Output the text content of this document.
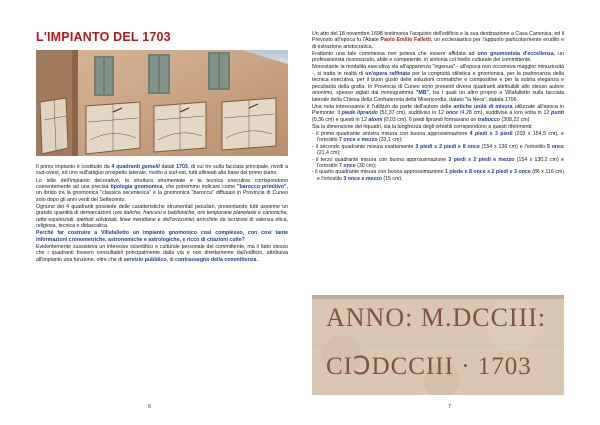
L'IMPIANTO DEL 1703

Il primo impianto è costituito da 4 quadranti gemelli datati 1703, di cui tre sulla facciata principale, rivolti a sud-ovest, ed uno sull'attiguo prospetto laterale, rivolto a sud-est, tutti allineati alla base del primo piano.

Lo stile dell'impianto decorativo, la struttura strumentale e la tecnica esecutiva corrispondono coerentemente ad una precisa tipologia gnomonica, che potremmo indicare come "barocco primitivo", un ibrido tra la gnomonica "classica secentesca" e la gnomonica "barocca" diffusasi in Provincia di Cuneo solo dopo gli anni venti del Settecento.

Ognuno dei 4 quadranti possiede delle caratteristiche strumentali peculiari, presentando tutti assieme un grande quantità di demarcazioni (ore italiche, francesi e babiloniche, ore temporarie planetarie e canoniche, rette equinoziali, iperboli solstiziali, linee meridiane e dell'orizzonte) arricchite da iscrizioni di valenza etica, religiosa, tecnica e didascalica.

Perché far costruire a Villafalletto un impianto gnomonico così complesso, con così tante informazioni cronometriche, astronomiche e astrologiche, e ricco di citazioni colte?

Evidentemente sussisteva un interesse scientifico e culturale personale del committente, ma il fatto stesso che i quadranti fossero consultabili principalmente dalla via e non direttamente dall'edificio, attribuiva all'impianto una funzione, oltre che di servizio pubblico, di contrassegno della committenza.

6

Un atto del 18 novembre 1698 testimonia l'acquisto dell'edificio e la sua destinazione a Casa Canonica, ed il Prevosto all'epoca fu l'Abate Paolo Emilio Falletti, un ecclesiastico per l'appunto particolarmente erudito e di estrazione aristocratica.

Frattanto una tale commessa non poteva che essere affidata ad uno gnomonista d'eccellenza, un professionista riconosciuto, abile e competente, in sintonia col livello culturale del committente.

Nonostante la modalità esecutiva sia all'apparenza "ingenua" - all'epoca non occorreva maggior minuziosità -, si tratta in realtà di un'opera raffinata per la congruità stilistica e gnomonica, per la padronanza della tecnica esecutiva, per il buon gusto delle soluzioni cromatiche e compositive e per la sobria eleganza e peculiarità della grafia. In Provincia di Cuneo sono presenti diversi quadranti attribuibili allo stesso autore anonimo, spesso siglati dal monogramma "MB", tra i quali un altro proprio a Villafalletto sulla facciata laterale della Chiesa della Confraternita della Misericordia, datato "la Nera", datata 1706.

Una nota interessante è l'utilizzo da parte dell'autore delle antiche unità di misura utilizzate all'epoca in Piemonte: il piede liprando (51,37 cm), suddiviso in 12 once (4,28 cm), suddivise a loro volta in 12 punti (0,36 cm) e questi in 12 atomi (0,03 cm). 6 piedi liprandi formavano un trabucco (308,22 cm).

Sia la dimensione dei riquadri, sia la lunghezza degli ortostili corrispondono a questi riferimenti:

- il primo quadrante sinistra misura con buona approssimazione 4 piedi x 3 piedi (203 x 154,5 cm), e l'ortostilo 7 once e mezzo (32,1 cm);
- il secondo quadrante misura esattamente 3 piedi x 2 piedi e 8 once (154 x 136 cm) e l'ortostilo 5 once (21,4 cm);
- il terzo quadrante misura con buona approssimazione 3 piedi x 2 piedi e mezzo (154 x 130,2 cm) e l'ortostilo 7 once (30 cm);
- il quarto quadrante misura con buona approssimazione 1 piede e 8 once x 2 piedi e 3 once (86 x 116 cm) e l'ortostilo 3 once e mezzo (15 cm).
ANNO: M.DCCIII:
CIↃDCCIII · 1703
7
